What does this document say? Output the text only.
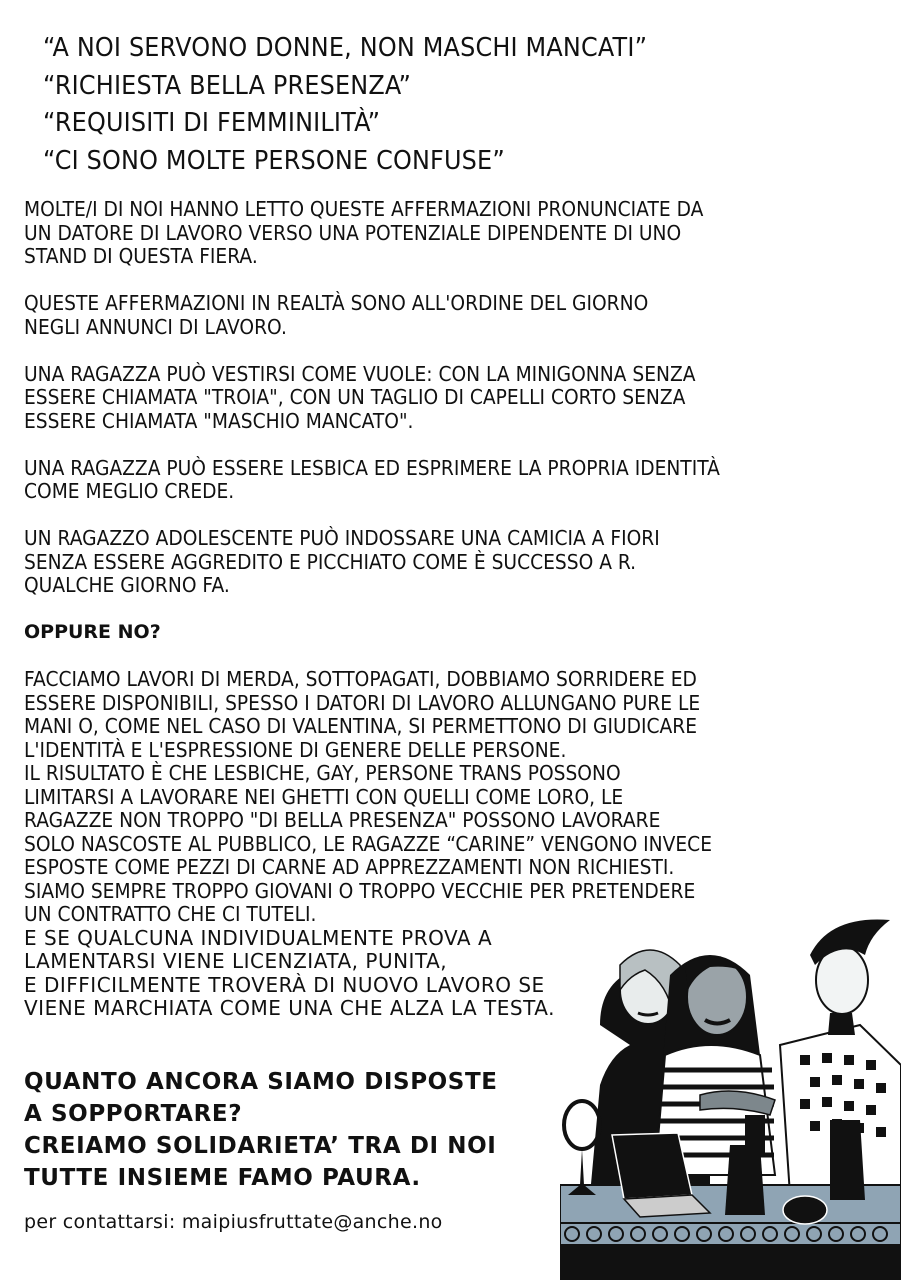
“A NOI SERVONO DONNE, NON MASCHI MANCATI”
“RICHIESTA BELLA PRESENZA”
“REQUISITI DI FEMMINILITÀ”
“CI SONO MOLTE PERSONE CONFUSE”

MOLTE/I DI NOI HANNO LETTO QUESTE AFFERMAZIONI PRONUNCIATE DA
UN DATORE DI LAVORO VERSO UNA POTENZIALE DIPENDENTE DI UNO
STAND DI QUESTA FIERA.

QUESTE AFFERMAZIONI IN REALTÀ SONO ALL'ORDINE DEL GIORNO
NEGLI ANNUNCI DI LAVORO.

UNA RAGAZZA PUÒ VESTIRSI COME VUOLE: CON LA MINIGONNA SENZA
ESSERE CHIAMATA "TROIA", CON UN TAGLIO DI CAPELLI CORTO SENZA
ESSERE CHIAMATA "MASCHIO MANCATO".

UNA RAGAZZA PUÒ ESSERE LESBICA ED ESPRIMERE LA PROPRIA IDENTITÀ
COME MEGLIO CREDE.

UN RAGAZZO ADOLESCENTE PUÒ INDOSSARE UNA CAMICIA A FIORI
SENZA ESSERE AGGREDITO E PICCHIATO COME È SUCCESSO A R.
QUALCHE GIORNO FA.

OPPURE NO?

FACCIAMO LAVORI DI MERDA, SOTTOPAGATI, DOBBIAMO SORRIDERE ED
ESSERE DISPONIBILI, SPESSO I DATORI DI LAVORO ALLUNGANO PURE LE
MANI O, COME NEL CASO DI VALENTINA, SI PERMETTONO DI GIUDICARE
L'IDENTITÀ E L'ESPRESSIONE DI GENERE DELLE PERSONE.
IL RISULTATO È CHE LESBICHE, GAY, PERSONE TRANS POSSONO
LIMITARSI A LAVORARE NEI GHETTI CON QUELLI COME LORO, LE
RAGAZZE NON TROPPO "DI BELLA PRESENZA" POSSONO LAVORARE
SOLO NASCOSTE AL PUBBLICO, LE RAGAZZE “CARINE” VENGONO INVECE
ESPOSTE COME PEZZI DI CARNE AD APPREZZAMENTI NON RICHIESTI.
SIAMO SEMPRE TROPPO GIOVANI O TROPPO VECCHIE PER PRETENDERE
UN CONTRATTO CHE CI TUTELI.

E SE QUALCUNA INDIVIDUALMENTE PROVA A
LAMENTARSI VIENE LICENZIATA, PUNITA,
E DIFFICILMENTE TROVERÀ DI NUOVO LAVORO SE
VIENE MARCHIATA COME UNA CHE ALZA LA TESTA.

QUANTO ANCORA SIAMO DISPOSTE
A SOPPORTARE?
CREIAMO SOLIDARIETA’ TRA DI NOI
TUTTE INSIEME FAMO PAURA.
per contattarsi: maipiusfruttate@anche.no
